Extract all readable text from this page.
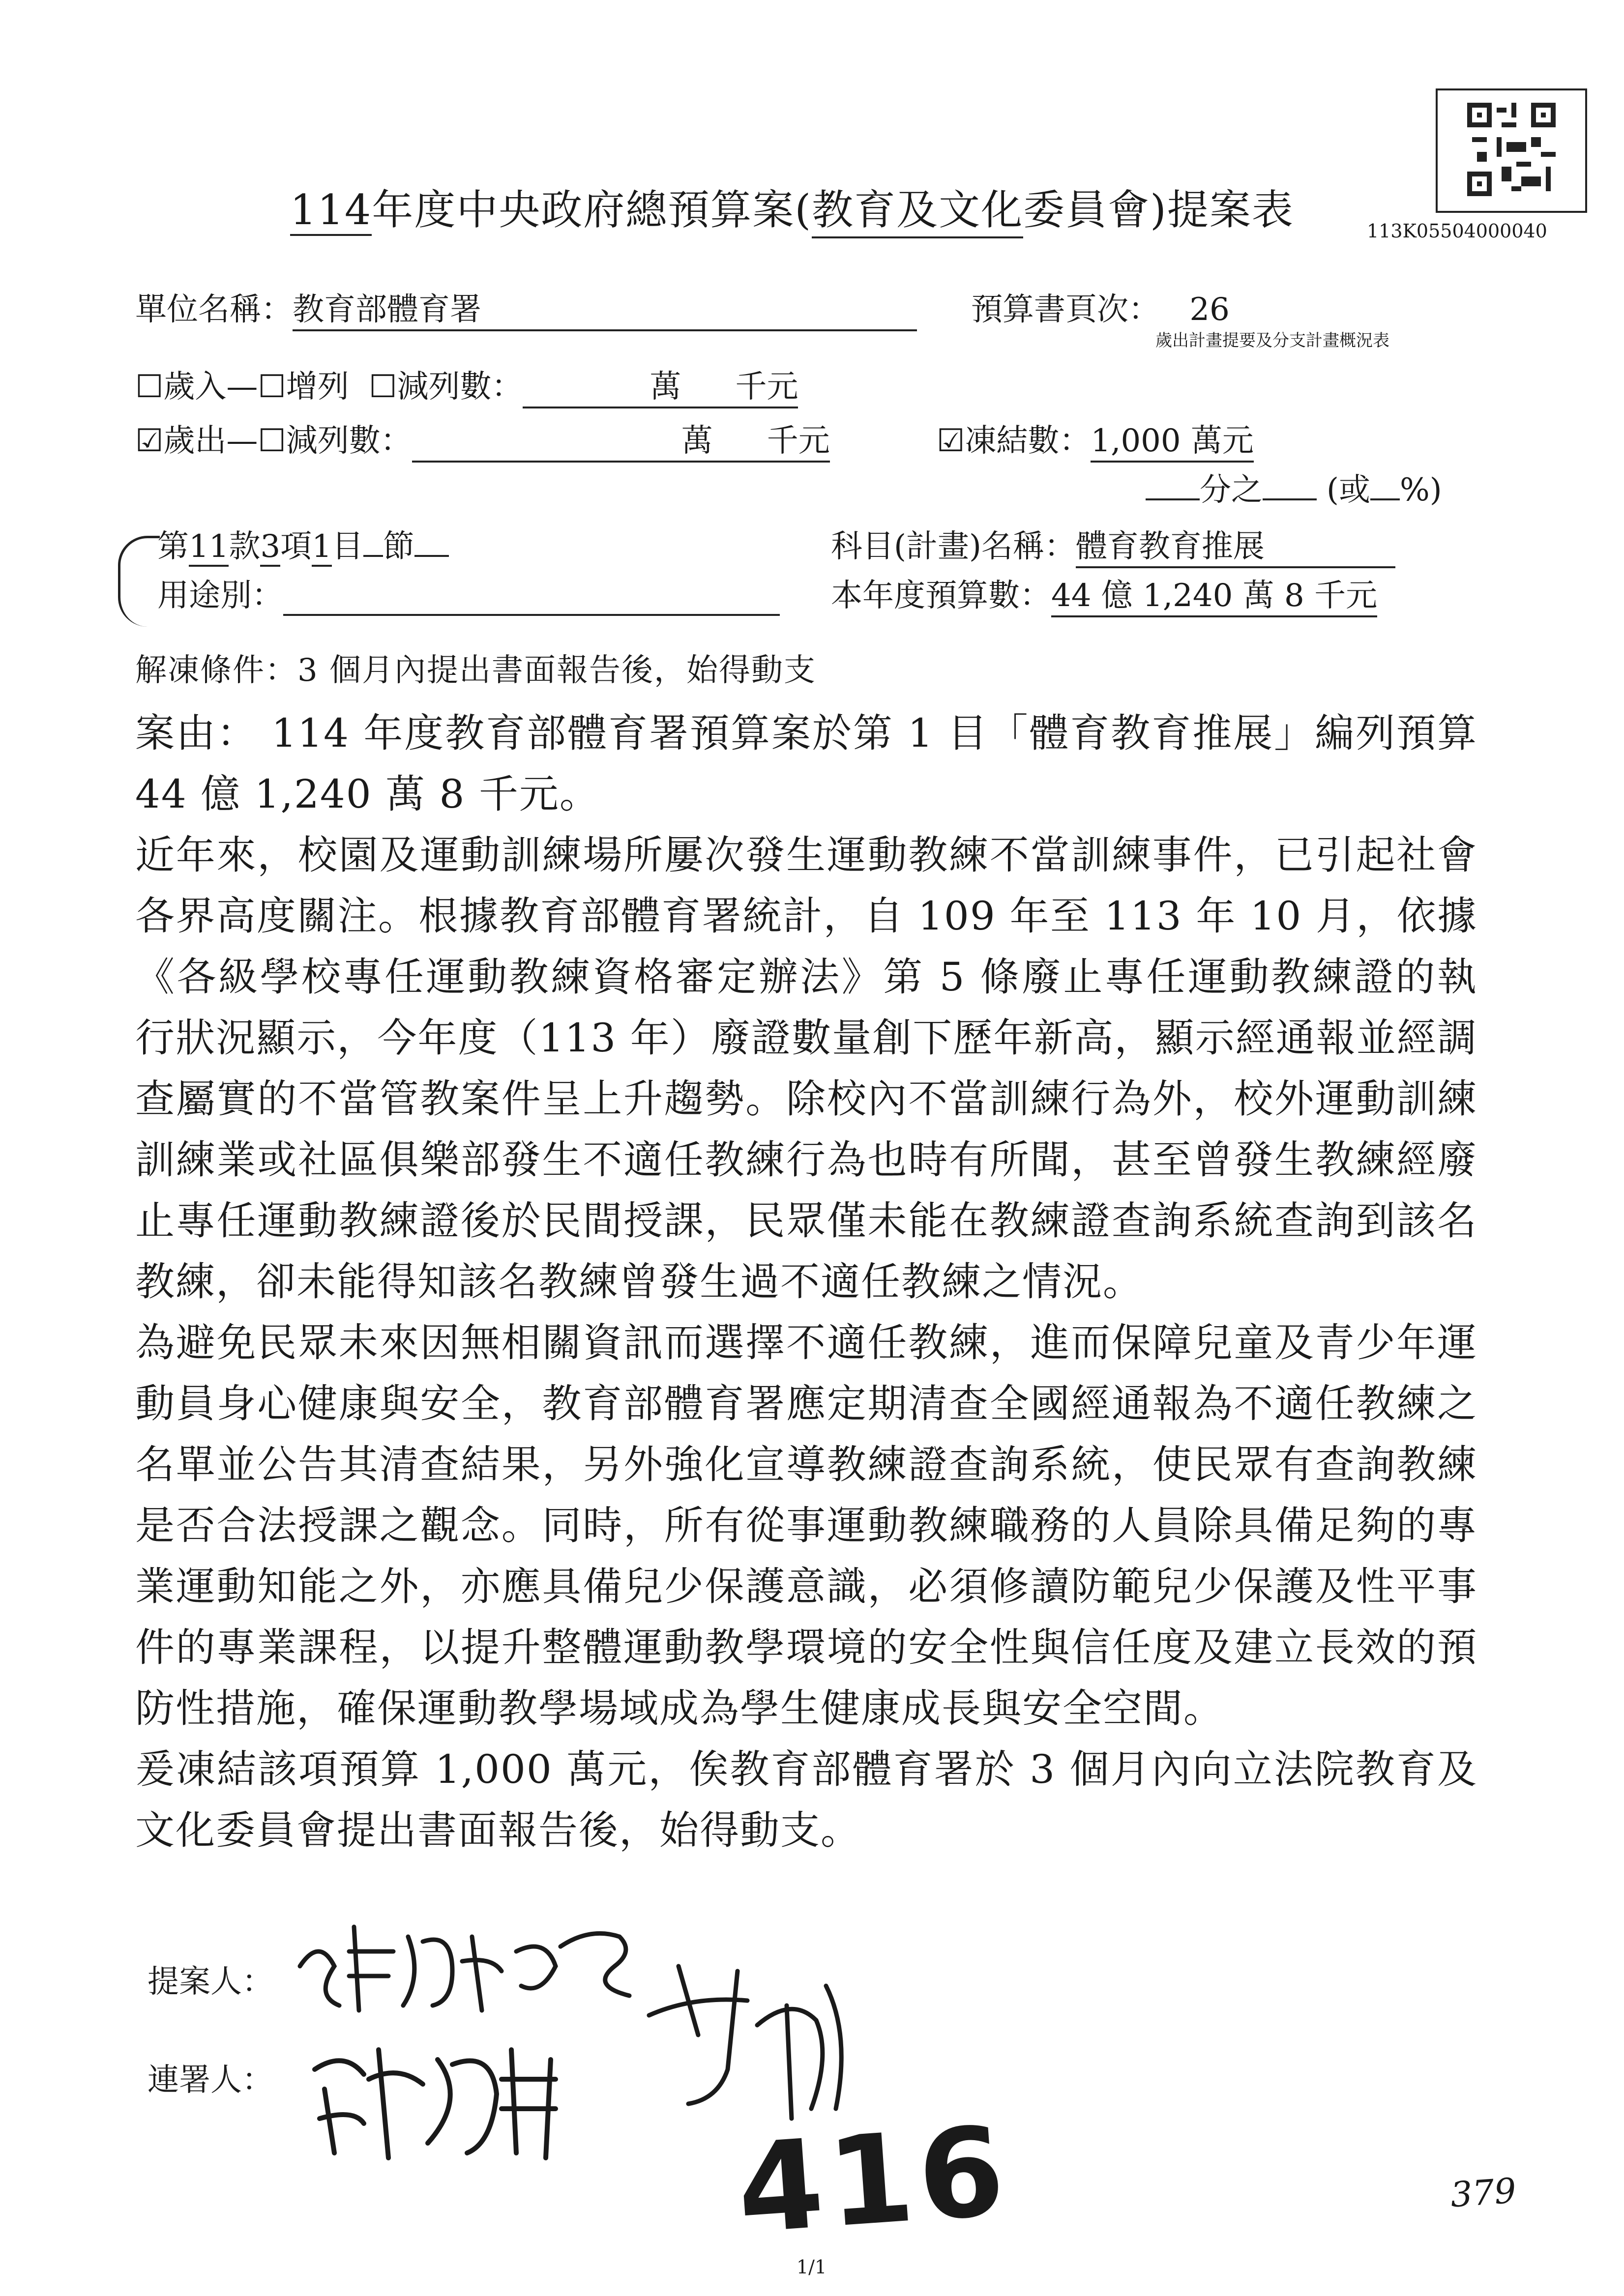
113K05504000040
114年度中央政府總預算案(教育及文化委員會)提案表
單位名稱：教育部體育署	預算書頁次： 26
歲出計畫提要及分支計畫概況表
☐歲入—☐增列 ☐減列數：	萬 千元
☑歲出—☐減列數：	萬 千元	☑凍結數：1,000 萬元
分之 (或 %)
第11款3項1目 節	科目(計畫)名稱：體育教育推展
用途別：	本年度預算數：44 億 1,240 萬 8 千元
解凍條件：3 個月內提出書面報告後，始得動支
案由： 114 年度教育部體育署預算案於第 1 目「體育教育推展」編列預算 44 億 1,240 萬 8 千元。
近年來，校園及運動訓練場所屢次發生運動教練不當訓練事件，已引起社會各界高度關注。根據教育部體育署統計，自 109 年至 113 年 10 月，依據《各級學校專任運動教練資格審定辦法》第 5 條廢止專任運動教練證的執行狀況顯示，今年度（113 年）廢證數量創下歷年新高，顯示經通報並經調查屬實的不當管教案件呈上升趨勢。除校內不當訓練行為外，校外運動訓練訓練業或社區俱樂部發生不適任教練行為也時有所聞，甚至曾發生教練經廢止專任運動教練證後於民間授課，民眾僅未能在教練證查詢系統查詢到該名教練，卻未能得知該名教練曾發生過不適任教練之情況。
為避免民眾未來因無相關資訊而選擇不適任教練，進而保障兒童及青少年運動員身心健康與安全，教育部體育署應定期清查全國經通報為不適任教練之名單並公告其清查結果，另外強化宣導教練證查詢系統，使民眾有查詢教練是否合法授課之觀念。同時，所有從事運動教練職務的人員除具備足夠的專業運動知能之外，亦應具備兒少保護意識，必須修讀防範兒少保護及性平事件的專業課程，以提升整體運動教學環境的安全性與信任度及建立長效的預防性措施，確保運動教學場域成為學生健康成長與安全空間。
爰凍結該項預算 1,000 萬元，俟教育部體育署於 3 個月內向立法院教育及文化委員會提出書面報告後，始得動支。
提案人：
連署人：
416	379
1/1
